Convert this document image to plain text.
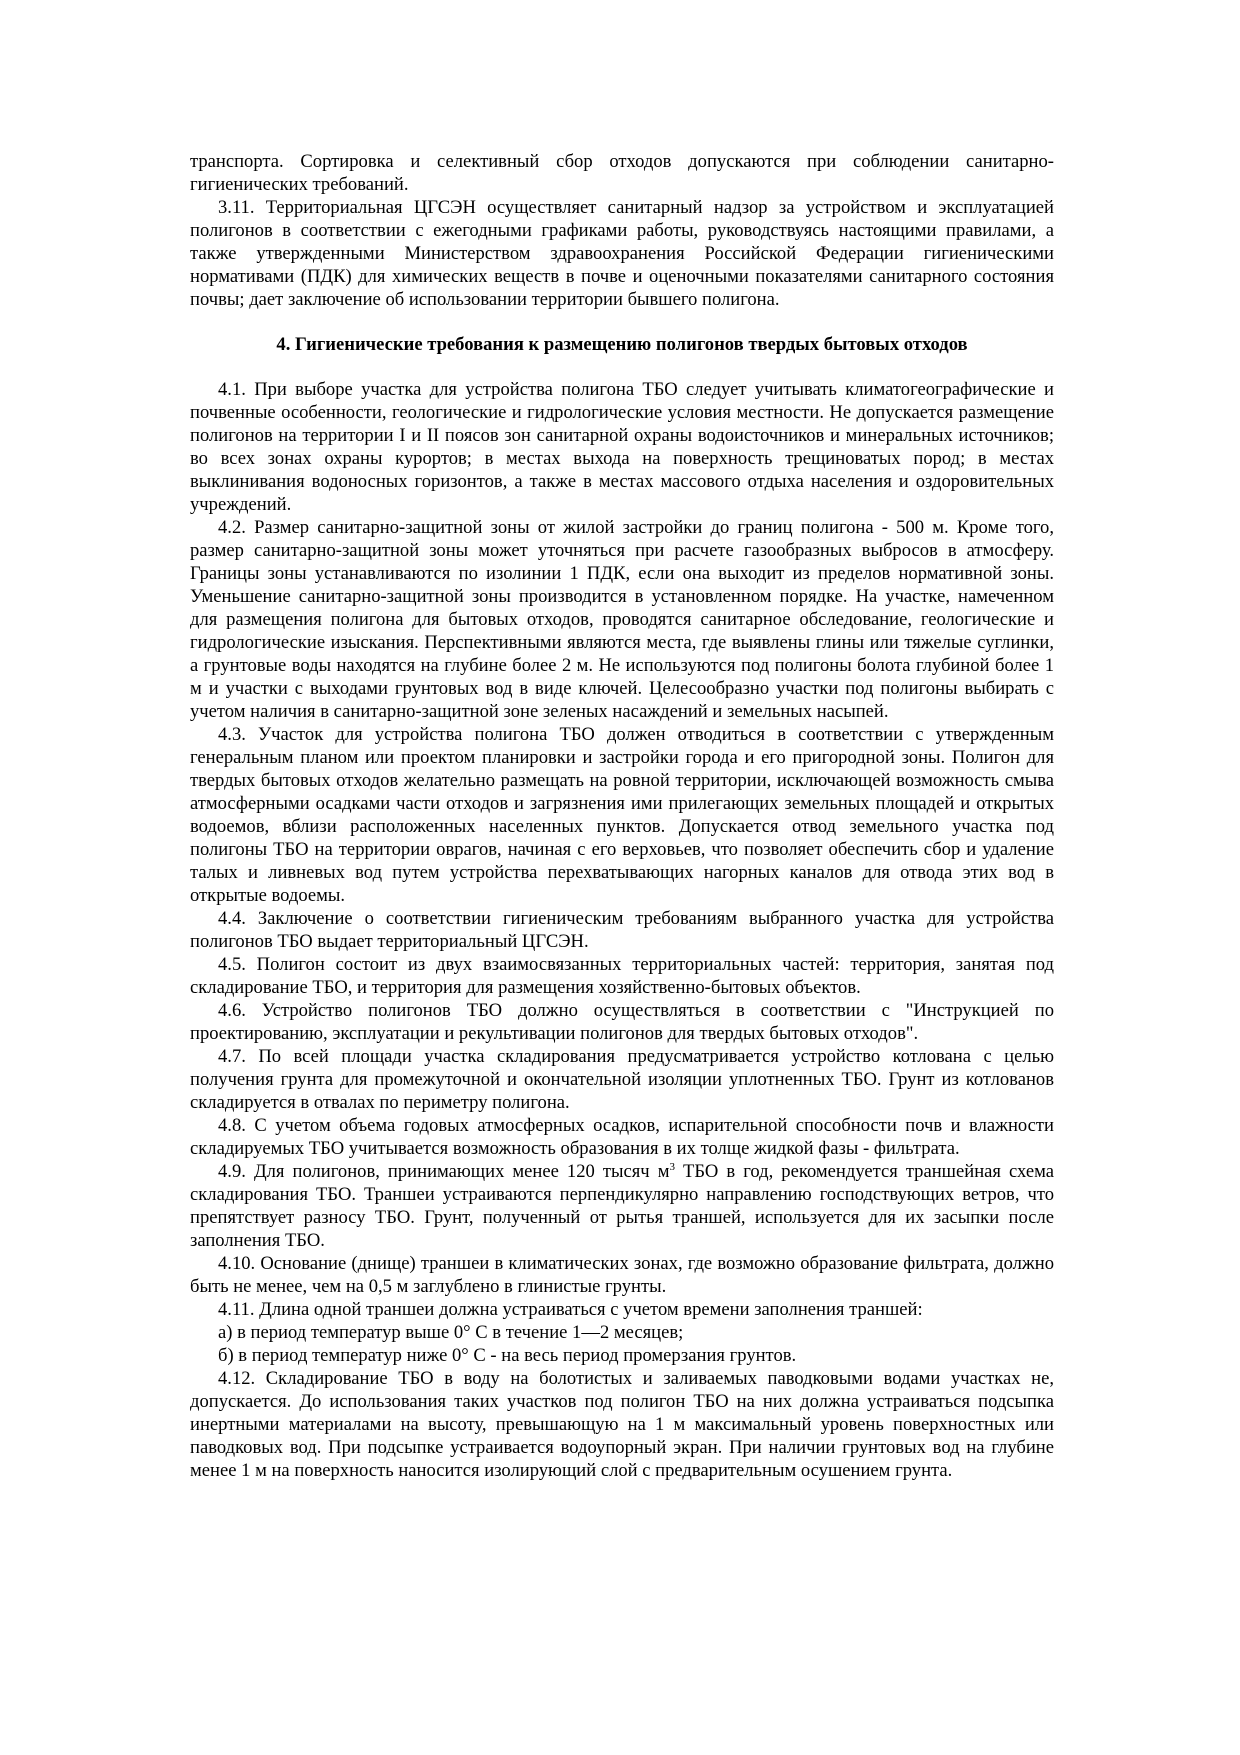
транспорта. Сортировка и селективный сбор отходов допускаются при соблюдении санитарно-гигиенических требований.

3.11. Территориальная ЦГСЭН осуществляет санитарный надзор за устройством и эксплуатацией полигонов в соответствии с ежегодными графиками работы, руководствуясь настоящими правилами, а также утвержденными Министерством здравоохранения Российской Федерации гигиеническими нормативами (ПДК) для химических веществ в почве и оценочными показателями санитарного состояния почвы; дает заключение об использовании территории бывшего полигона.

4. Гигиенические требования к размещению полигонов твердых бытовых отходов

4.1. При выборе участка для устройства полигона ТБО следует учитывать климатогеографические и почвенные особенности, геологические и гидрологические условия местности. Не допускается размещение полигонов на территории I и II поясов зон санитарной охраны водоисточников и минеральных источников; во всех зонах охраны курортов; в местах выхода на поверхность трещиноватых пород; в местах выклинивания водоносных горизонтов, а также в местах массового отдыха населения и оздоровительных учреждений.

4.2. Размер санитарно-защитной зоны от жилой застройки до границ полигона - 500 м. Кроме того, размер санитарно-защитной зоны может уточняться при расчете газообразных выбросов в атмосферу. Границы зоны устанавливаются по изолинии 1 ПДК, если она выходит из пределов нормативной зоны. Уменьшение санитарно-защитной зоны производится в установленном порядке. На участке, намеченном для размещения полигона для бытовых отходов, проводятся санитарное обследование, геологические и гидрологические изыскания. Перспективными являются места, где выявлены глины или тяжелые суглинки, а грунтовые воды находятся на глубине более 2 м. Не используются под полигоны болота глубиной более 1 м и участки с выходами грунтовых вод в виде ключей. Целесообразно участки под полигоны выбирать с учетом наличия в санитарно-защитной зоне зеленых насаждений и земельных насыпей.

4.3. Участок для устройства полигона ТБО должен отводиться в соответствии с утвержденным генеральным планом или проектом планировки и застройки города и его пригородной зоны. Полигон для твердых бытовых отходов желательно размещать на ровной территории, исключающей возможность смыва атмосферными осадками части отходов и загрязнения ими прилегающих земельных площадей и открытых водоемов, вблизи расположенных населенных пунктов. Допускается отвод земельного участка под полигоны ТБО на территории оврагов, начиная с его верховьев, что позволяет обеспечить сбор и удаление талых и ливневых вод путем устройства перехватывающих нагорных каналов для отвода этих вод в открытые водоемы.

4.4. Заключение о соответствии гигиеническим требованиям выбранного участка для устройства полигонов ТБО выдает территориальный ЦГСЭН.

4.5. Полигон состоит из двух взаимосвязанных территориальных частей: территория, занятая под складирование ТБО, и территория для размещения хозяйственно-бытовых объектов.

4.6. Устройство полигонов ТБО должно осуществляться в соответствии с "Инструкцией по проектированию, эксплуатации и рекультивации полигонов для твердых бытовых отходов".

4.7. По всей площади участка складирования предусматривается устройство котлована с целью получения грунта для промежуточной и окончательной изоляции уплотненных ТБО. Грунт из котлованов складируется в отвалах по периметру полигона.

4.8. С учетом объема годовых атмосферных осадков, испарительной способности почв и влажности складируемых ТБО учитывается возможность образования в их толще жидкой фазы - фильтрата.

4.9. Для полигонов, принимающих менее 120 тысяч $м^3$ ТБО в год, рекомендуется траншейная схема складирования ТБО. Траншеи устраиваются перпендикулярно направлению господствующих ветров, что препятствует разносу ТБО. Грунт, полученный от рытья траншей, используется для их засыпки после заполнения ТБО.

4.10. Основание (днище) траншеи в климатических зонах, где возможно образование фильтрата, должно быть не менее, чем на 0,5 м заглублено в глинистые грунты.

4.11. Длина одной траншеи должна устраиваться с учетом времени заполнения траншей:

а) в период температур выше 0° С в течение 1—2 месяцев;

б) в период температур ниже 0° С - на весь период промерзания грунтов.

4.12. Складирование ТБО в воду на болотистых и заливаемых паводковыми водами участках не, допускается. До использования таких участков под полигон ТБО на них должна устраиваться подсыпка инертными материалами на высоту, превышающую на 1 м максимальный уровень поверхностных или паводковых вод. При подсыпке устраивается водоупорный экран. При наличии грунтовых вод на глубине менее 1 м на поверхность наносится изолирующий слой с предварительным осушением грунта.
